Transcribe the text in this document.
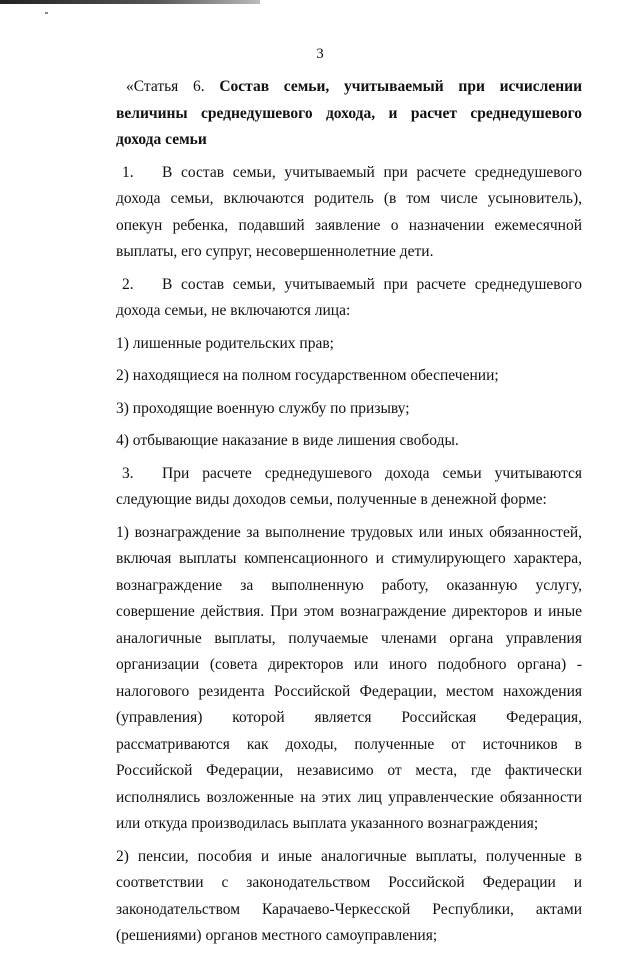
3

«Статья 6. Состав семьи, учитываемый при исчислении величины среднедушевого дохода, и расчет среднедушевого дохода семьи

1. В состав семьи, учитываемый при расчете среднедушевого дохода семьи, включаются родитель (в том числе усыновитель), опекун ребенка, подавший заявление о назначении ежемесячной выплаты, его супруг, несовершеннолетние дети.

2. В состав семьи, учитываемый при расчете среднедушевого дохода семьи, не включаются лица:

1) лишенные родительских прав;

2) находящиеся на полном государственном обеспечении;

3) проходящие военную службу по призыву;

4) отбывающие наказание в виде лишения свободы.

3. При расчете среднедушевого дохода семьи учитываются следующие виды доходов семьи, полученные в денежной форме:

1) вознаграждение за выполнение трудовых или иных обязанностей, включая выплаты компенсационного и стимулирующего характера, вознаграждение за выполненную работу, оказанную услугу, совершение действия. При этом вознаграждение директоров и иные аналогичные выплаты, получаемые членами органа управления организации (совета директоров или иного подобного органа) - налогового резидента Российской Федерации, местом нахождения (управления) которой является Российская Федерация, рассматриваются как доходы, полученные от источников в Российской Федерации, независимо от места, где фактически исполнялись возложенные на этих лиц управленческие обязанности или откуда производилась выплата указанного вознаграждения;

2) пенсии, пособия и иные аналогичные выплаты, полученные в соответствии с законодательством Российской Федерации и законодательством Карачаево-Черкесской Республики, актами (решениями) органов местного самоуправления;
